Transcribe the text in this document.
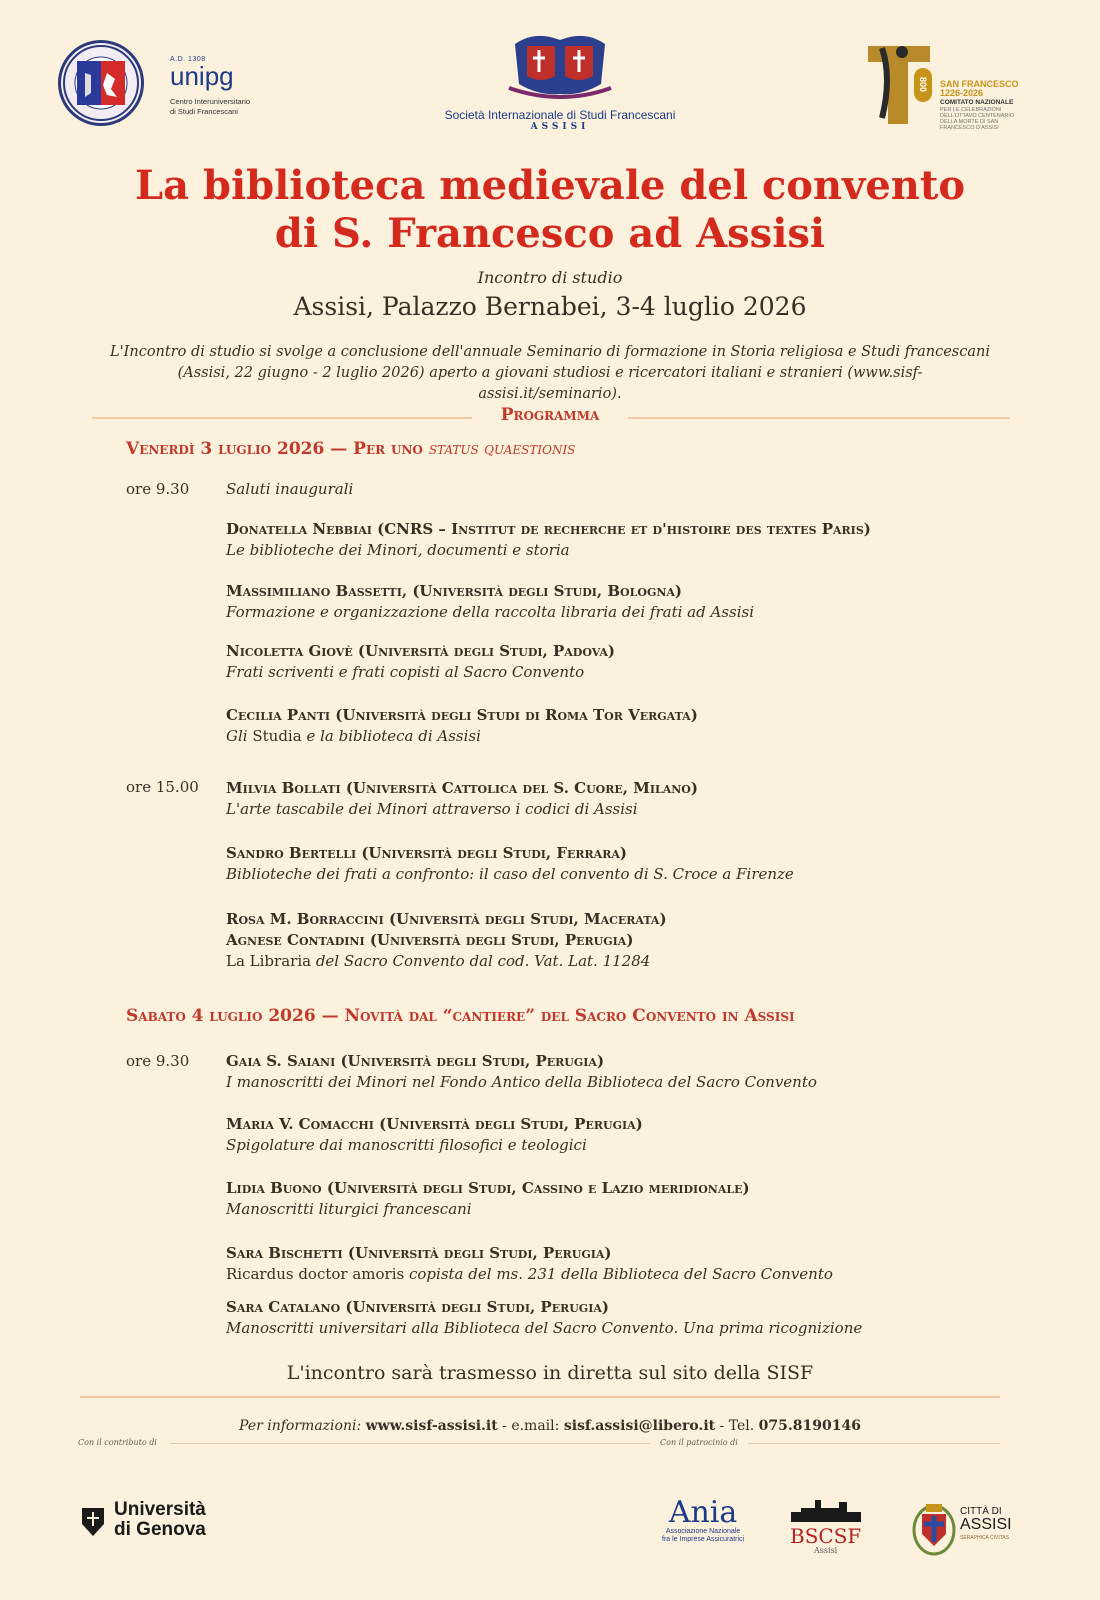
A.D. 1308
unipg
Centro Interuniversitario
di Studi Francescani	Società Internazionale di Studi Francescani
ASSISI
800	SAN FRANCESCO
1226-2026
COMITATO NAZIONALE
PER LE CELEBRAZIONI DELL'OTTAVO CENTENARIO
DELLA MORTE DI SAN FRANCESCO D'ASSISI
La biblioteca medievale del convento
di S. Francesco ad Assisi
Incontro di studio
Assisi, Palazzo Bernabei, 3-4 luglio 2026
L'Incontro di studio si svolge a conclusione dell'annuale Seminario di formazione in Storia religiosa e Studi francescani
(Assisi, 22 giugno - 2 luglio 2026) aperto a giovani studiosi e ricercatori italiani e stranieri (www.sisf-assisi.it/seminario).
Programma
Venerdì 3 luglio 2026 — Per uno status quaestionis
ore 9.30 Saluti inaugurali
Donatella Nebbiai (CNRS – Institut de recherche et d'histoire des textes Paris)
Le biblioteche dei Minori, documenti e storia
Massimiliano Bassetti, (Università degli Studi, Bologna)
Formazione e organizzazione della raccolta libraria dei frati ad Assisi
Nicoletta Giovè (Università degli Studi, Padova)
Frati scriventi e frati copisti al Sacro Convento
Cecilia Panti (Università degli Studi di Roma Tor Vergata)
Gli Studia e la biblioteca di Assisi
ore 15.00 Milvia Bollati (Università Cattolica del S. Cuore, Milano)
L'arte tascabile dei Minori attraverso i codici di Assisi
Sandro Bertelli (Università degli Studi, Ferrara)
Biblioteche dei frati a confronto: il caso del convento di S. Croce a Firenze
Rosa M. Borraccini (Università degli Studi, Macerata)
Agnese Contadini (Università degli Studi, Perugia)
La Libraria del Sacro Convento dal cod. Vat. Lat. 11284
Sabato 4 luglio 2026 — Novità dal “cantiere” del Sacro Convento in Assisi
ore 9.30 Gaia S. Saiani (Università degli Studi, Perugia)
I manoscritti dei Minori nel Fondo Antico della Biblioteca del Sacro Convento
Maria V. Comacchi (Università degli Studi, Perugia)
Spigolature dai manoscritti filosofici e teologici
Lidia Buono (Università degli Studi, Cassino e Lazio meridionale)
Manoscritti liturgici francescani
Sara Bischetti (Università degli Studi, Perugia)
Ricardus doctor amoris copista del ms. 231 della Biblioteca del Sacro Convento
Sara Catalano (Università degli Studi, Perugia)
Manoscritti universitari alla Biblioteca del Sacro Convento. Una prima ricognizione
L'incontro sarà trasmesso in diretta sul sito della SISF
Per informazioni: www.sisf-assisi.it - e.mail: sisf.assisi@libero.it - Tel. 075.8190146
Con il contributo di	Con il patrocinio di
Università
di Genova	Ania
Associazione Nazionale
fra le Imprese Assicuratrici BSCSF
Assisi
CITTÀ DI
ASSISI
SERAPHICA CIVITAS
